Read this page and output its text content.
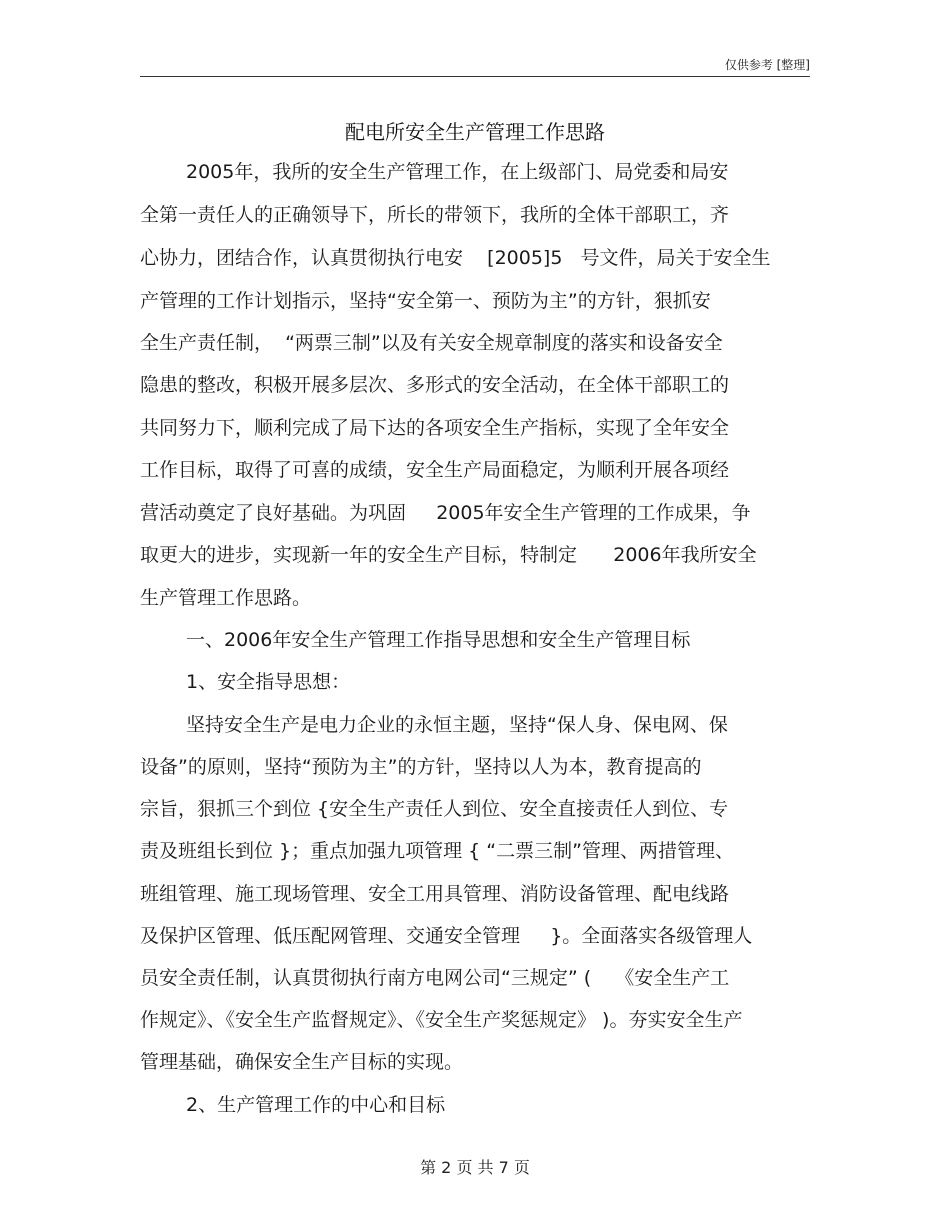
仅供参考 [整理]
配电所安全生产管理工作思路
2005年，我所的安全生产管理工作，在上级部门、局党委和局安
全第一责任人的正确领导下，所长的带领下，我所的全体干部职工，齐
心协力，团结合作，认真贯彻执行电安    [2005]5   号文件，局关于安全生
产管理的工作计划指示，坚持“安全第一、预防为主”的方针，狠抓安
全生产责任制，  “两票三制”以及有关安全规章制度的落实和设备安全
隐患的整改，积极开展多层次、多形式的安全活动，在全体干部职工的
共同努力下，顺利完成了局下达的各项安全生产指标，实现了全年安全
工作目标，取得了可喜的成绩，安全生产局面稳定，为顺利开展各项经
营活动奠定了良好基础。为巩固     2005年安全生产管理的工作成果，争
取更大的进步，实现新一年的安全生产目标，特制定      2006年我所安全
生产管理工作思路。
一、2006年安全生产管理工作指导思想和安全生产管理目标
1、安全指导思想：
坚持安全生产是电力企业的永恒主题，坚持“保人身、保电网、保
设备”的原则，坚持“预防为主”的方针，坚持以人为本，教育提高的
宗旨，狠抓三个到位 {安全生产责任人到位、安全直接责任人到位、专
责及班组长到位 }；重点加强九项管理 { “二票三制”管理、两措管理、
班组管理、施工现场管理、安全工用具管理、消防设备管理、配电线路
及保护区管理、低压配网管理、交通安全管理     }。全面落实各级管理人
员安全责任制，认真贯彻执行南方电网公司“三规定” (    《安全生产工
作规定》、《安全生产监督规定》、《安全生产奖惩规定》 )。夯实安全生产
管理基础，确保安全生产目标的实现。
2、生产管理工作的中心和目标
第 2 页 共 7 页
